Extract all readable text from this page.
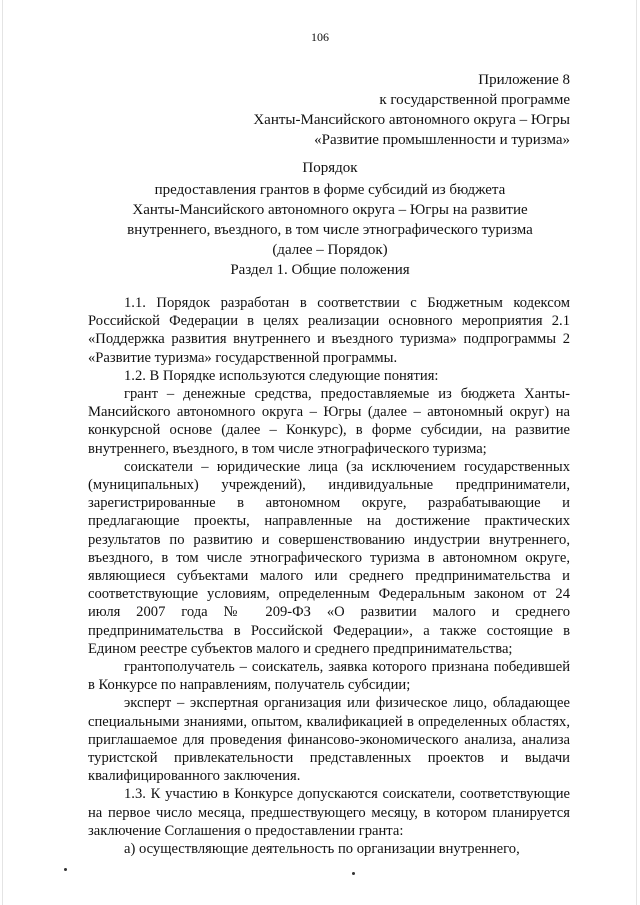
106
Приложение 8
к государственной программе
Ханты-Мансийского автономного округа – Югры
«Развитие промышленности и туризма»
Порядок
предоставления грантов в форме субсидий из бюджета
Ханты-Мансийского автономного округа – Югры на развитие
внутреннего, въездного, в том числе этнографического туризма
(далее – Порядок)
Раздел 1. Общие положения

1.1. Порядок разработан в соответствии с Бюджетным кодексом Российской Федерации в целях реализации основного мероприятия 2.1 «Поддержка развития внутреннего и въездного туризма» подпрограммы 2 «Развитие туризма» государственной программы.

1.2. В Порядке используются следующие понятия:

грант – денежные средства, предоставляемые из бюджета Ханты-Мансийского автономного округа – Югры (далее – автономный округ) на конкурсной основе (далее – Конкурс), в форме субсидии, на развитие внутреннего, въездного, в том числе этнографического туризма;

соискатели – юридические лица (за исключением государственных (муниципальных) учреждений), индивидуальные предприниматели, зарегистрированные в автономном округе, разрабатывающие и предлагающие проекты, направленные на достижение практических результатов по развитию и совершенствованию индустрии внутреннего, въездного, в том числе этнографического туризма в автономном округе, являющиеся субъектами малого или среднего предпринимательства и соответствующие условиям, определенным Федеральным законом от 24 июля 2007 года № 209-ФЗ «О развитии малого и среднего предпринимательства в Российской Федерации», а также состоящие в Едином реестре субъектов малого и среднего предпринимательства;

грантополучатель – соискатель, заявка которого признана победившей в Конкурсе по направлениям, получатель субсидии;

эксперт – экспертная организация или физическое лицо, обладающее специальными знаниями, опытом, квалификацией в определенных областях, приглашаемое для проведения финансово-экономического анализа, анализа туристской привлекательности представленных проектов и выдачи квалифицированного заключения.

1.3. К участию в Конкурсе допускаются соискатели, соответствующие на первое число месяца, предшествующего месяцу, в котором планируется заключение Соглашения о предоставлении гранта:

а) осуществляющие деятельность по организации внутреннего,
